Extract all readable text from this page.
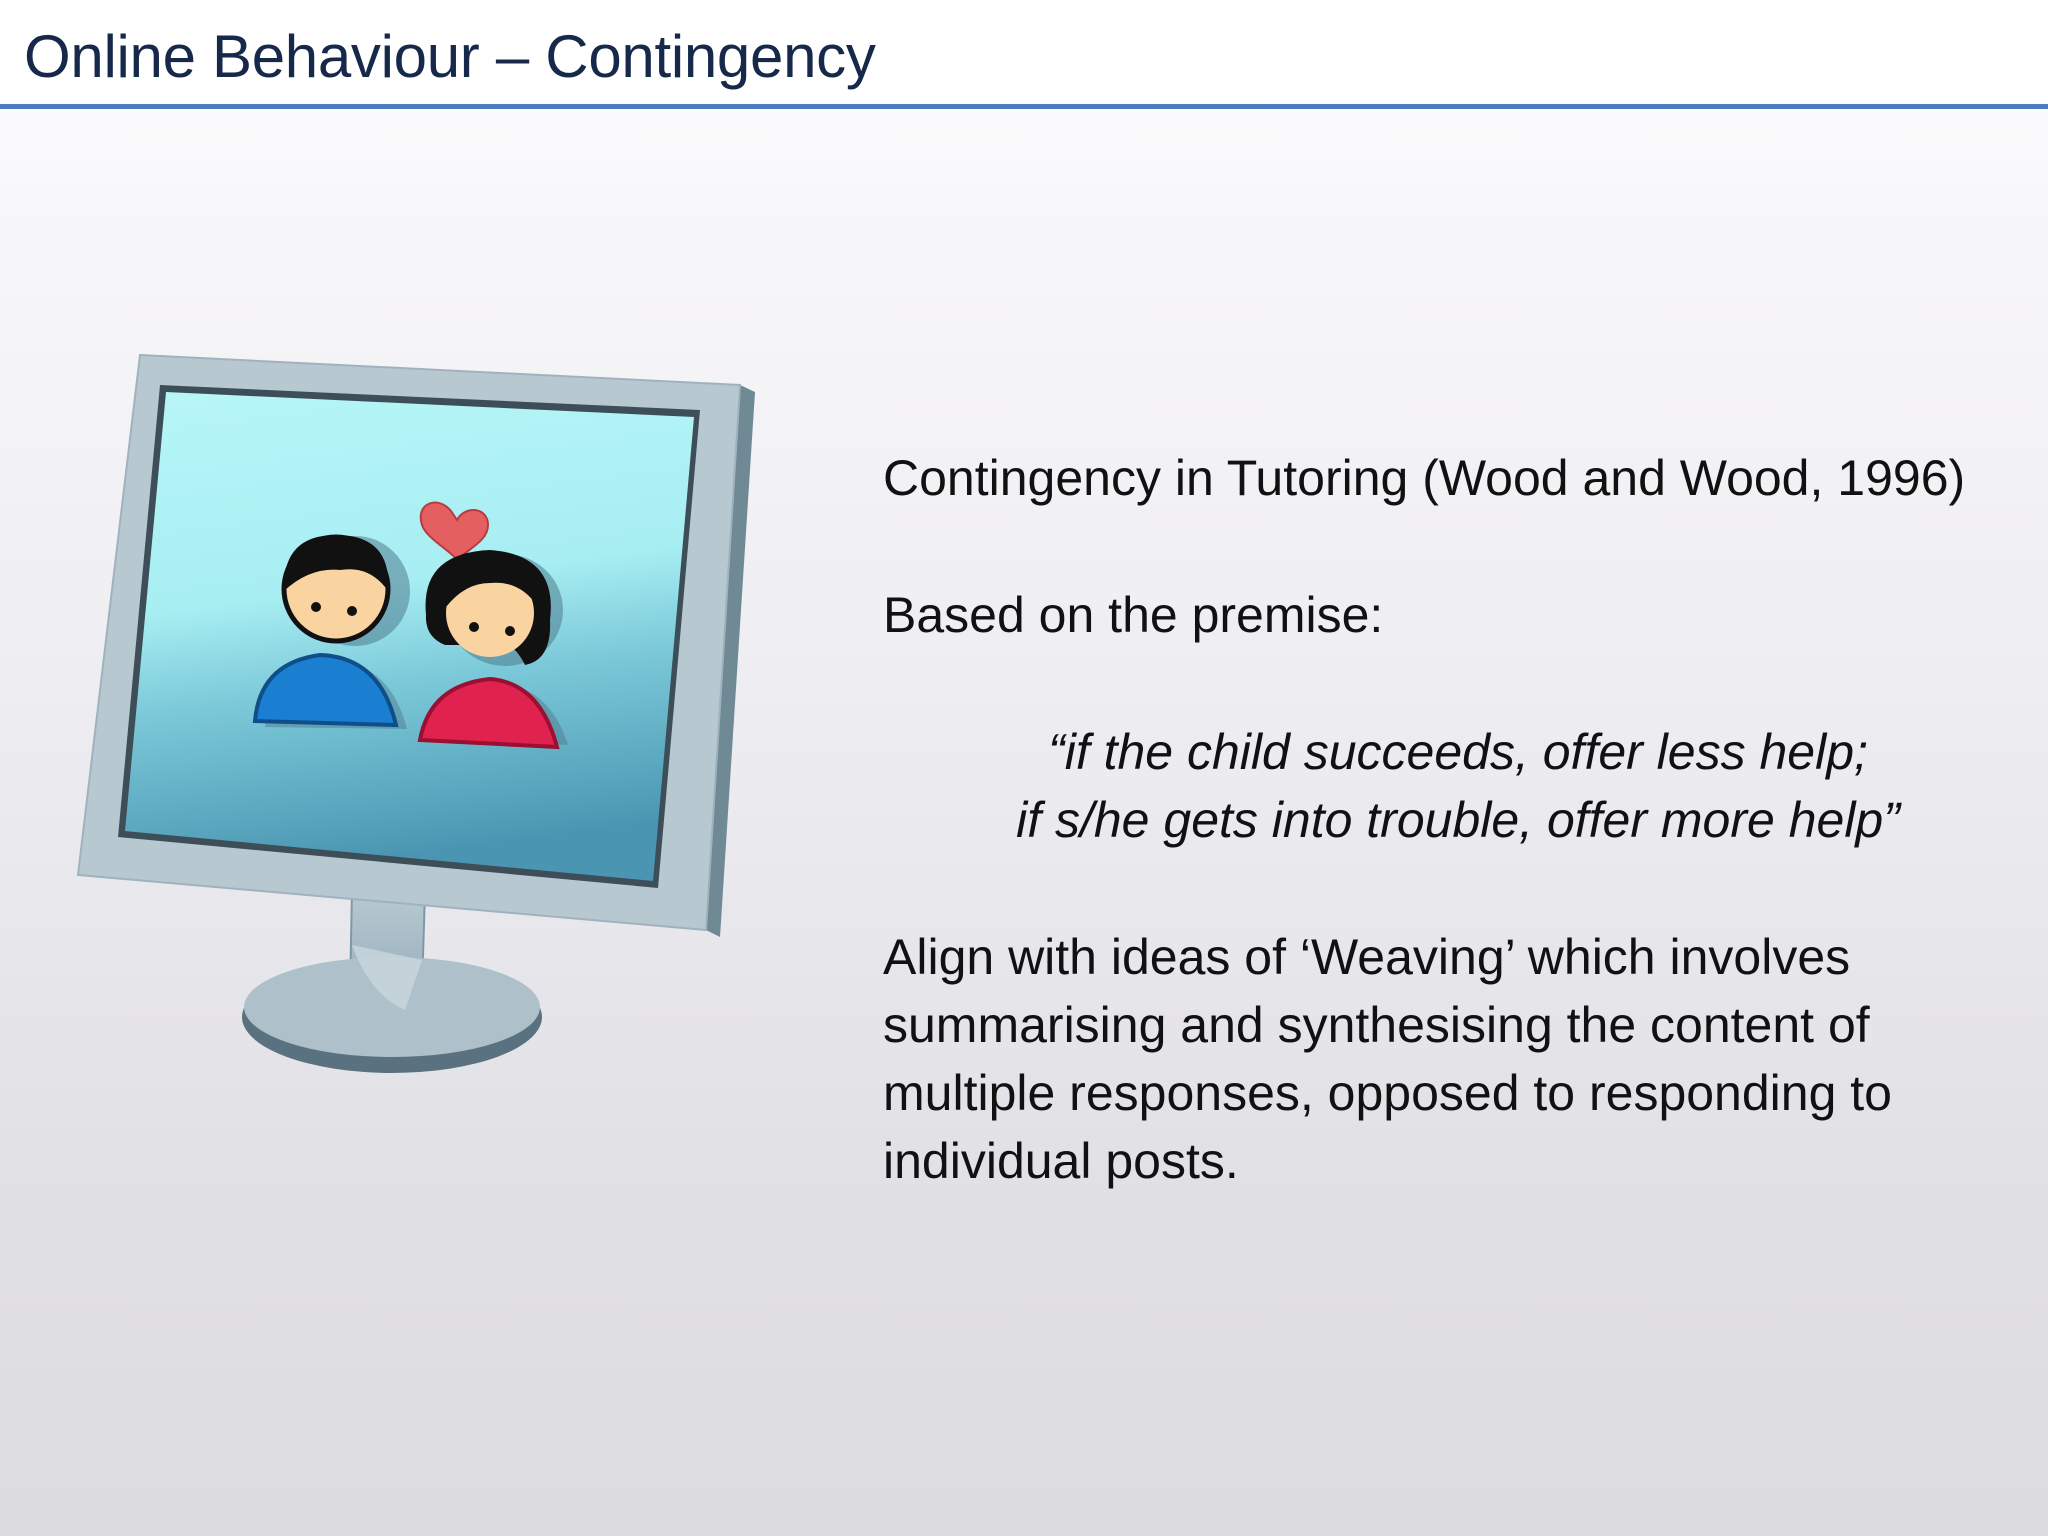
Online Behaviour – Contingency

Contingency in Tutoring (Wood and Wood, 1996)

Based on the premise:

“if the child succeeds, offer less help;

if s/he gets into trouble, offer more help”

Align with ideas of ‘Weaving’ which involves

summarising and synthesising the content of

multiple responses, opposed to responding to

individual posts.
